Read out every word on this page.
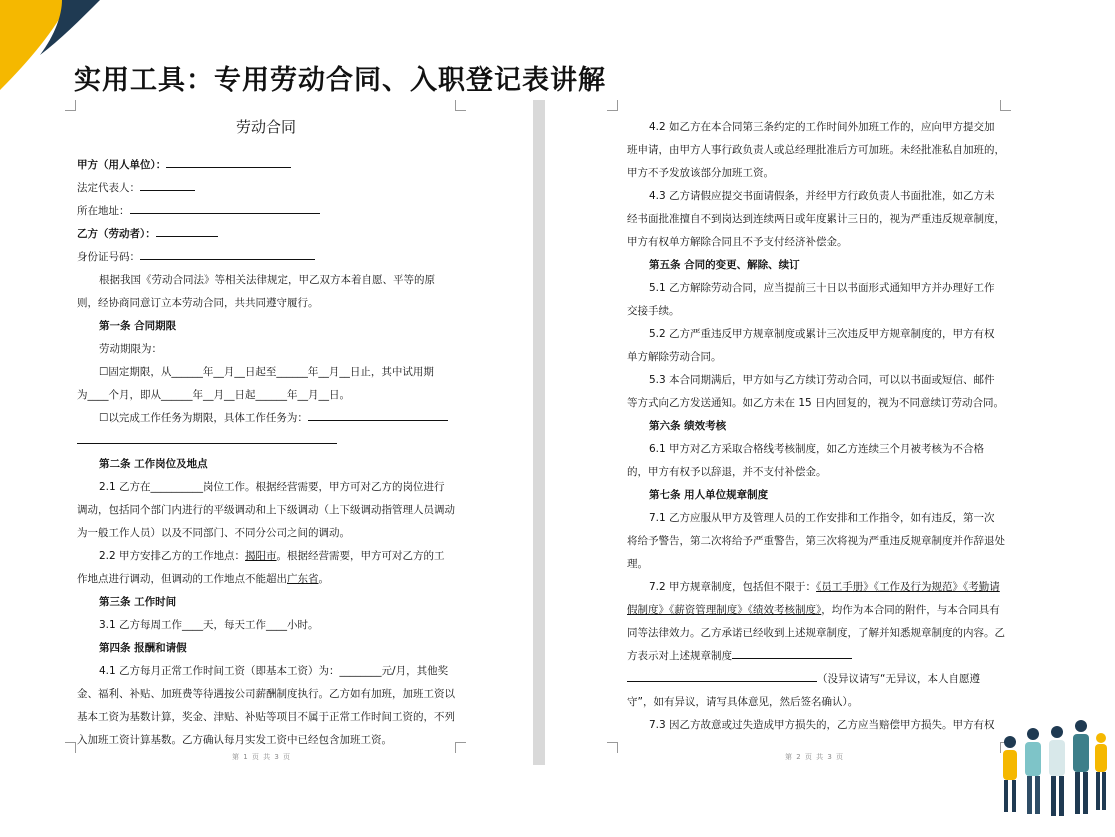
实用工具：专用劳动合同、入职登记表讲解

劳动合同

甲方（用人单位）：

法定代表人：

所在地址：

乙方（劳动者）：

身份证号码：

根据我国《劳动合同法》等相关法律规定，甲乙双方本着自愿、平等的原则，经协商同意订立本劳动合同，共共同遵守履行。

第一条 合同期限

劳动期限为：

☐固定期限，从______年__月__日起至______年__月__日止，其中试用期

为____个月，即从______年__月__日起______年__月__日。

☐以完成工作任务为期限，具体工作任务为：

第二条 工作岗位及地点

2.1 乙方在__________岗位工作。根据经营需要，甲方可对乙方的岗位进行调动，包括同个部门内进行的平级调动和上下级调动（上下级调动指管理人员调动为一般工作人员）以及不同部门、不同分公司之间的调动。

2.2 甲方安排乙方的工作地点：揭阳市。根据经营需要，甲方可对乙方的工作地点进行调动，但调动的工作地点不能超出广东省。

第三条 工作时间

3.1 乙方每周工作____天，每天工作____小时。

第四条 报酬和请假

4.1 乙方每月正常工作时间工资（即基本工资）为：________元/月，其他奖金、福利、补贴、加班费等待遇按公司薪酬制度执行。乙方如有加班，加班工资以基本工资为基数计算，奖金、津贴、补贴等项目不属于正常工作时间工资的，不列入加班工资计算基数。乙方确认每月实发工资中已经包含加班工资。

第 1 页 共 3 页

4.2 如乙方在本合同第三条约定的工作时间外加班工作的，应向甲方提交加班申请，由甲方人事行政负责人或总经理批准后方可加班。未经批准私自加班的，甲方不予发放该部分加班工资。

4.3 乙方请假应提交书面请假条，并经甲方行政负责人书面批准，如乙方未经书面批准擅自不到岗达到连续两日或年度累计三日的，视为严重违反规章制度，甲方有权单方解除合同且不予支付经济补偿金。

第五条 合同的变更、解除、续订

5.1 乙方解除劳动合同，应当提前三十日以书面形式通知甲方并办理好工作交接手续。

5.2 乙方严重违反甲方规章制度或累计三次违反甲方规章制度的，甲方有权单方解除劳动合同。

5.3 本合同期满后，甲方如与乙方续订劳动合同，可以以书面或短信、邮件等方式向乙方发送通知。如乙方未在 15 日内回复的，视为不同意续订劳动合同。

第六条 绩效考核

6.1 甲方对乙方采取合格线考核制度，如乙方连续三个月被考核为不合格的，甲方有权予以辞退，并不支付补偿金。

第七条 用人单位规章制度

7.1 乙方应服从甲方及管理人员的工作安排和工作指令，如有违反，第一次将给予警告，第二次将给予严重警告，第三次将视为严重违反规章制度并作辞退处理。

7.2 甲方规章制度，包括但不限于：《员工手册》《工作及行为规范》《考勤请假制度》《薪资管理制度》《绩效考核制度》，均作为本合同的附件，与本合同具有同等法律效力。乙方承诺已经收到上述规章制度，了解并知悉规章制度的内容。乙方表示对上述规章制度
（没异议请写“无异议，本人自愿遵守”，如有异议，请写具体意见，然后签名确认）。

7.3 因乙方故意或过失造成甲方损失的，乙方应当赔偿甲方损失。甲方有权

第 2 页 共 3 页
